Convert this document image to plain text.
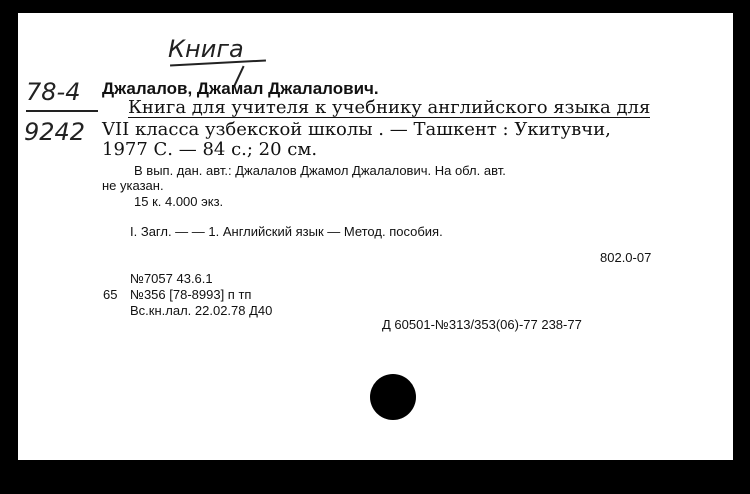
Книга
78-4
9242
Джалалов, Джамал Джалалович.
Книга для учителя к учебнику английского языка для
VII класса узбекской школы . — Ташкент : Укитувчи,
1977 С. — 84 с.; 20 см.
В вып. дан. авт.: Джалалов Джамол Джалалович. На обл. авт.
не указан.
15 к. 4.000 экз.
I. Загл. — — 1. Английский язык — Метод. пособия.
802.0-07
№7057 43.6.1
65 №356 [78-8993] п тп
Вс.кн.лал. 22.02.78 Д40
Д 60501-№313/353(06)-77 238-77
